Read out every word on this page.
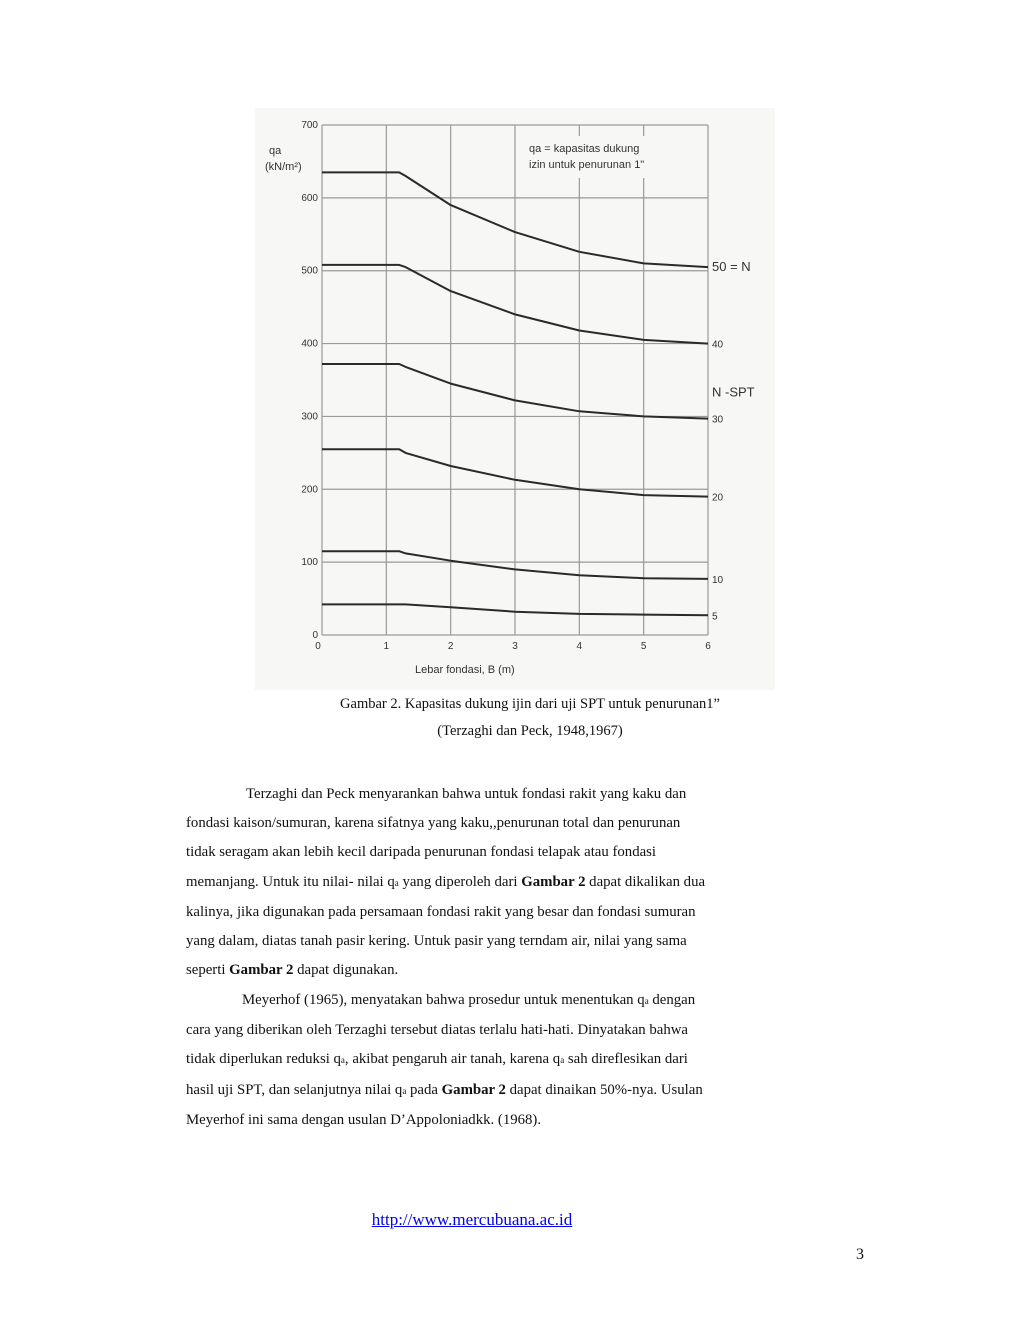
0
100
200
300
400
500
600
700
0	1	2	3	4	5	6
50 = N
40
N -SPT
30
20
10
5
qa
(kN/m²)
qa = kapasitas dukung
izin untuk penurunan 1"
Lebar fondasi, B (m)
Gambar 2. Kapasitas dukung ijin dari uji SPT untuk penurunan1”
(Terzaghi dan Peck, 1948,1967)
Terzaghi dan Peck menyarankan bahwa untuk fondasi rakit yang kaku dan
fondasi kaison/sumuran, karena sifatnya yang kaku,,penurunan total dan penurunan
tidak seragam akan lebih kecil daripada penurunan fondasi telapak atau fondasi
memanjang. Untuk itu nilai- nilai qa yang diperoleh dari Gambar 2 dapat dikalikan dua
kalinya, jika digunakan pada persamaan fondasi rakit yang besar dan fondasi sumuran
yang dalam, diatas tanah pasir kering. Untuk pasir yang terndam air, nilai yang sama
seperti Gambar 2 dapat digunakan.
Meyerhof (1965), menyatakan bahwa prosedur untuk menentukan qa dengan
cara yang diberikan oleh Terzaghi tersebut diatas terlalu hati-hati. Dinyatakan bahwa
tidak diperlukan reduksi qa, akibat pengaruh air tanah, karena qa sah direflesikan dari
hasil uji SPT, dan selanjutnya nilai qa pada Gambar 2 dapat dinaikan 50%-nya. Usulan
Meyerhof ini sama dengan usulan D’Appoloniadkk. (1968).
http://www.mercubuana.ac.id
3
